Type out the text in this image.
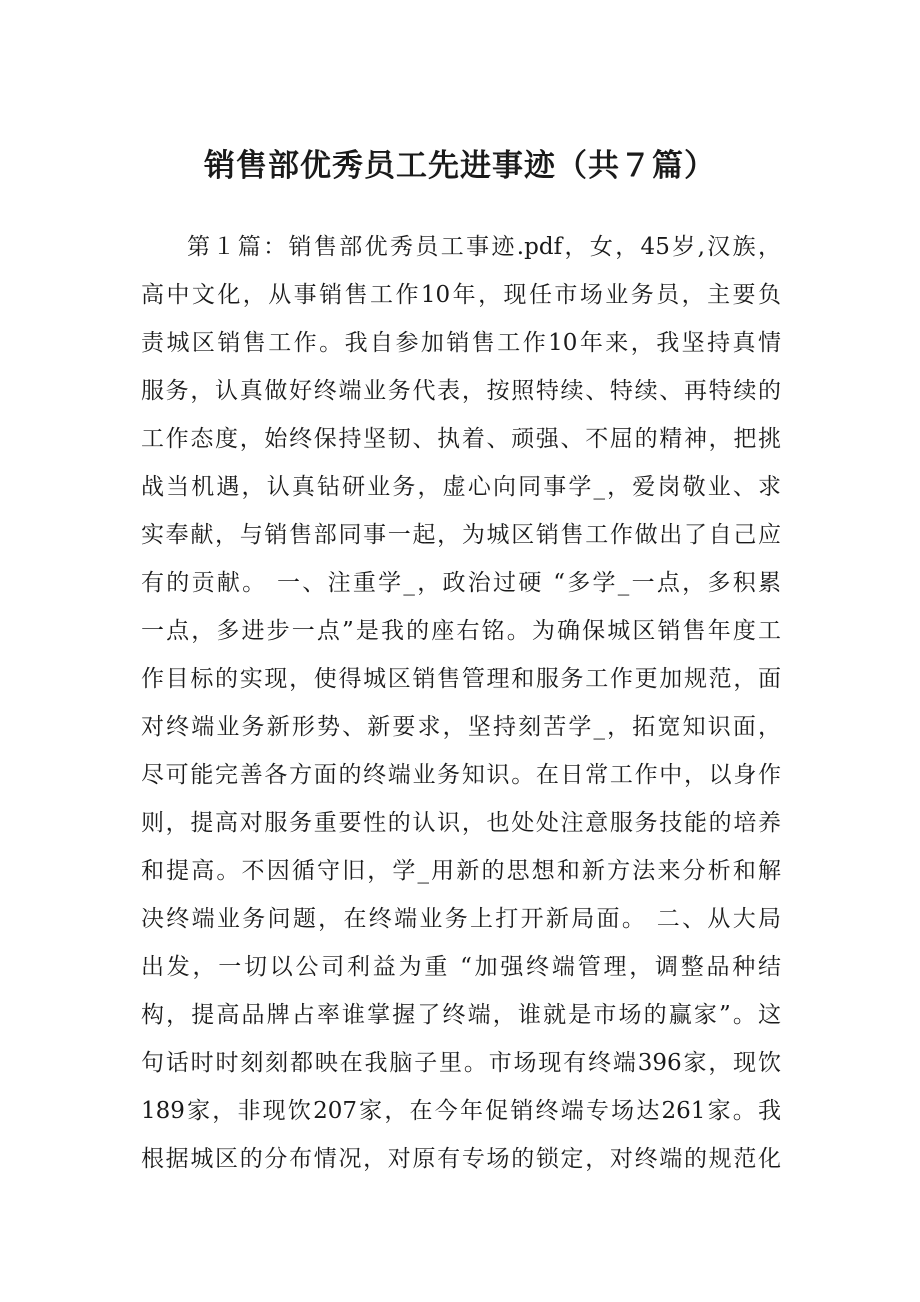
销售部优秀员工先进事迹（共７篇）
第１篇：销售部优秀员工事迹.pdf，女，45岁,汉族，
高中文化，从事销售工作10年，现任市场业务员，主要负
责城区销售工作。我自参加销售工作10年来，我坚持真情
服务，认真做好终端业务代表，按照特续、特续、再特续的
工作态度，始终保持坚韧、执着、顽强、不屈的精神，把挑
战当机遇，认真钻研业务，虚心向同事学_，爱岗敬业、求
实奉献，与销售部同事一起，为城区销售工作做出了自己应
有的贡献。 一、注重学_，政治过硬 “多学_一点，多积累
一点，多进步一点”是我的座右铭。为确保城区销售年度工
作目标的实现，使得城区销售管理和服务工作更加规范，面
对终端业务新形势、新要求，坚持刻苦学_，拓宽知识面，
尽可能完善各方面的终端业务知识。在日常工作中，以身作
则，提高对服务重要性的认识，也处处注意服务技能的培养
和提高。不因循守旧，学_用新的思想和新方法来分析和解
决终端业务问题，在终端业务上打开新局面。 二、从大局
出发，一切以公司利益为重 “加强终端管理，调整品种结
构，提高品牌占率谁掌握了终端，谁就是市场的赢家”。这
句话时时刻刻都映在我脑子里。市场现有终端396家，现饮
189家，非现饮207家，在今年促销终端专场达261家。我
根据城区的分布情况，对原有专场的锁定，对终端的规范化
